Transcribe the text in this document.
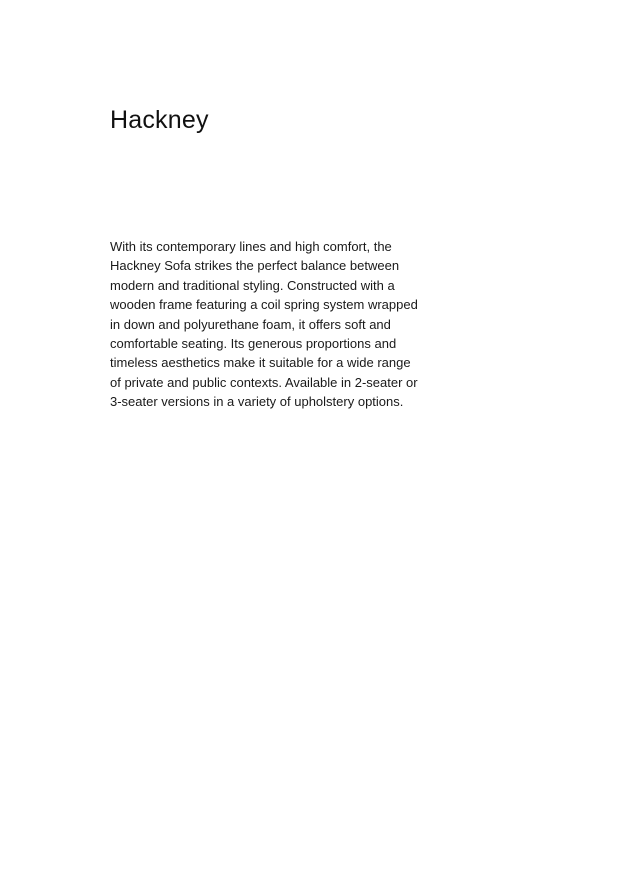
Hackney

With its contemporary lines and high comfort, the
Hackney Sofa strikes the perfect balance between
modern and traditional styling. Constructed with a
wooden frame featuring a coil spring system wrapped
in down and polyurethane foam, it offers soft and
comfortable seating. Its generous proportions and
timeless aesthetics make it suitable for a wide range
of private and public contexts. Available in 2-seater or
3-seater versions in a variety of upholstery options.
